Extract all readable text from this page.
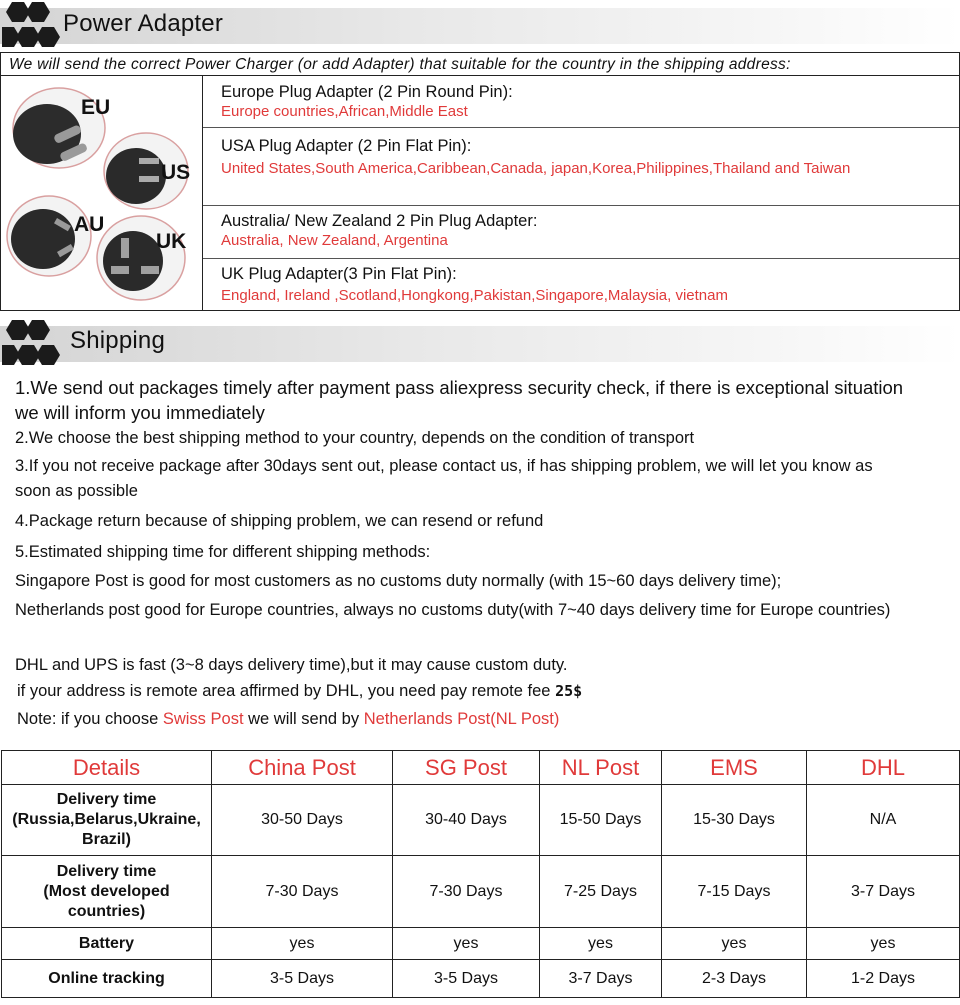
Power Adapter
We will send the correct Power Charger (or add Adapter) that suitable for the country in the shipping address:
EU
US
AU
UK
Europe Plug Adapter (2 Pin Round Pin):
Europe countries,African,Middle East
USA Plug Adapter (2 Pin Flat Pin):
United States,South America,Caribbean,Canada, japan,Korea,Philippines,Thailand and Taiwan
Australia/ New Zealand 2 Pin Plug Adapter:
Australia, New Zealand, Argentina
UK Plug Adapter(3 Pin Flat Pin):
England, Ireland ,Scotland,Hongkong,Pakistan,Singapore,Malaysia, vietnam
Shipping
1.We send out packages timely after payment pass aliexpress security check, if there is exceptional situation we will inform you immediately
2.We choose the best shipping method to your country, depends on the condition of transport
3.If you not receive package after 30days sent out, please contact us, if has shipping problem, we will let you know as soon as possible
4.Package return because of shipping problem, we can resend or refund
5.Estimated shipping time for different shipping methods:
Singapore Post is good for most customers as no customs duty normally (with 15~60 days delivery time);
Netherlands post good for Europe countries, always no customs duty(with 7~40 days delivery time for Europe countries)
DHL and UPS is fast (3~8 days delivery time),but it may cause custom duty.
if your address is remote area affirmed by DHL, you need pay remote fee 25$
Note: if you choose Swiss Post we will send by Netherlands Post(NL Post)
Details	China Post	SG Post	NL Post	EMS	DHL

Delivery time
(Russia,Belarus,Ukraine,
Brazil)	30-50 Days	30-40 Days	15-50 Days	15-30 Days	N/A

Delivery time
(Most developed
countries)	7-30 Days	7-30 Days	7-25 Days	7-15 Days	3-7 Days
Battery	yes	yes	yes	yes	yes
Online tracking	3-5 Days	3-5 Days	3-7 Days	2-3 Days	1-2 Days
